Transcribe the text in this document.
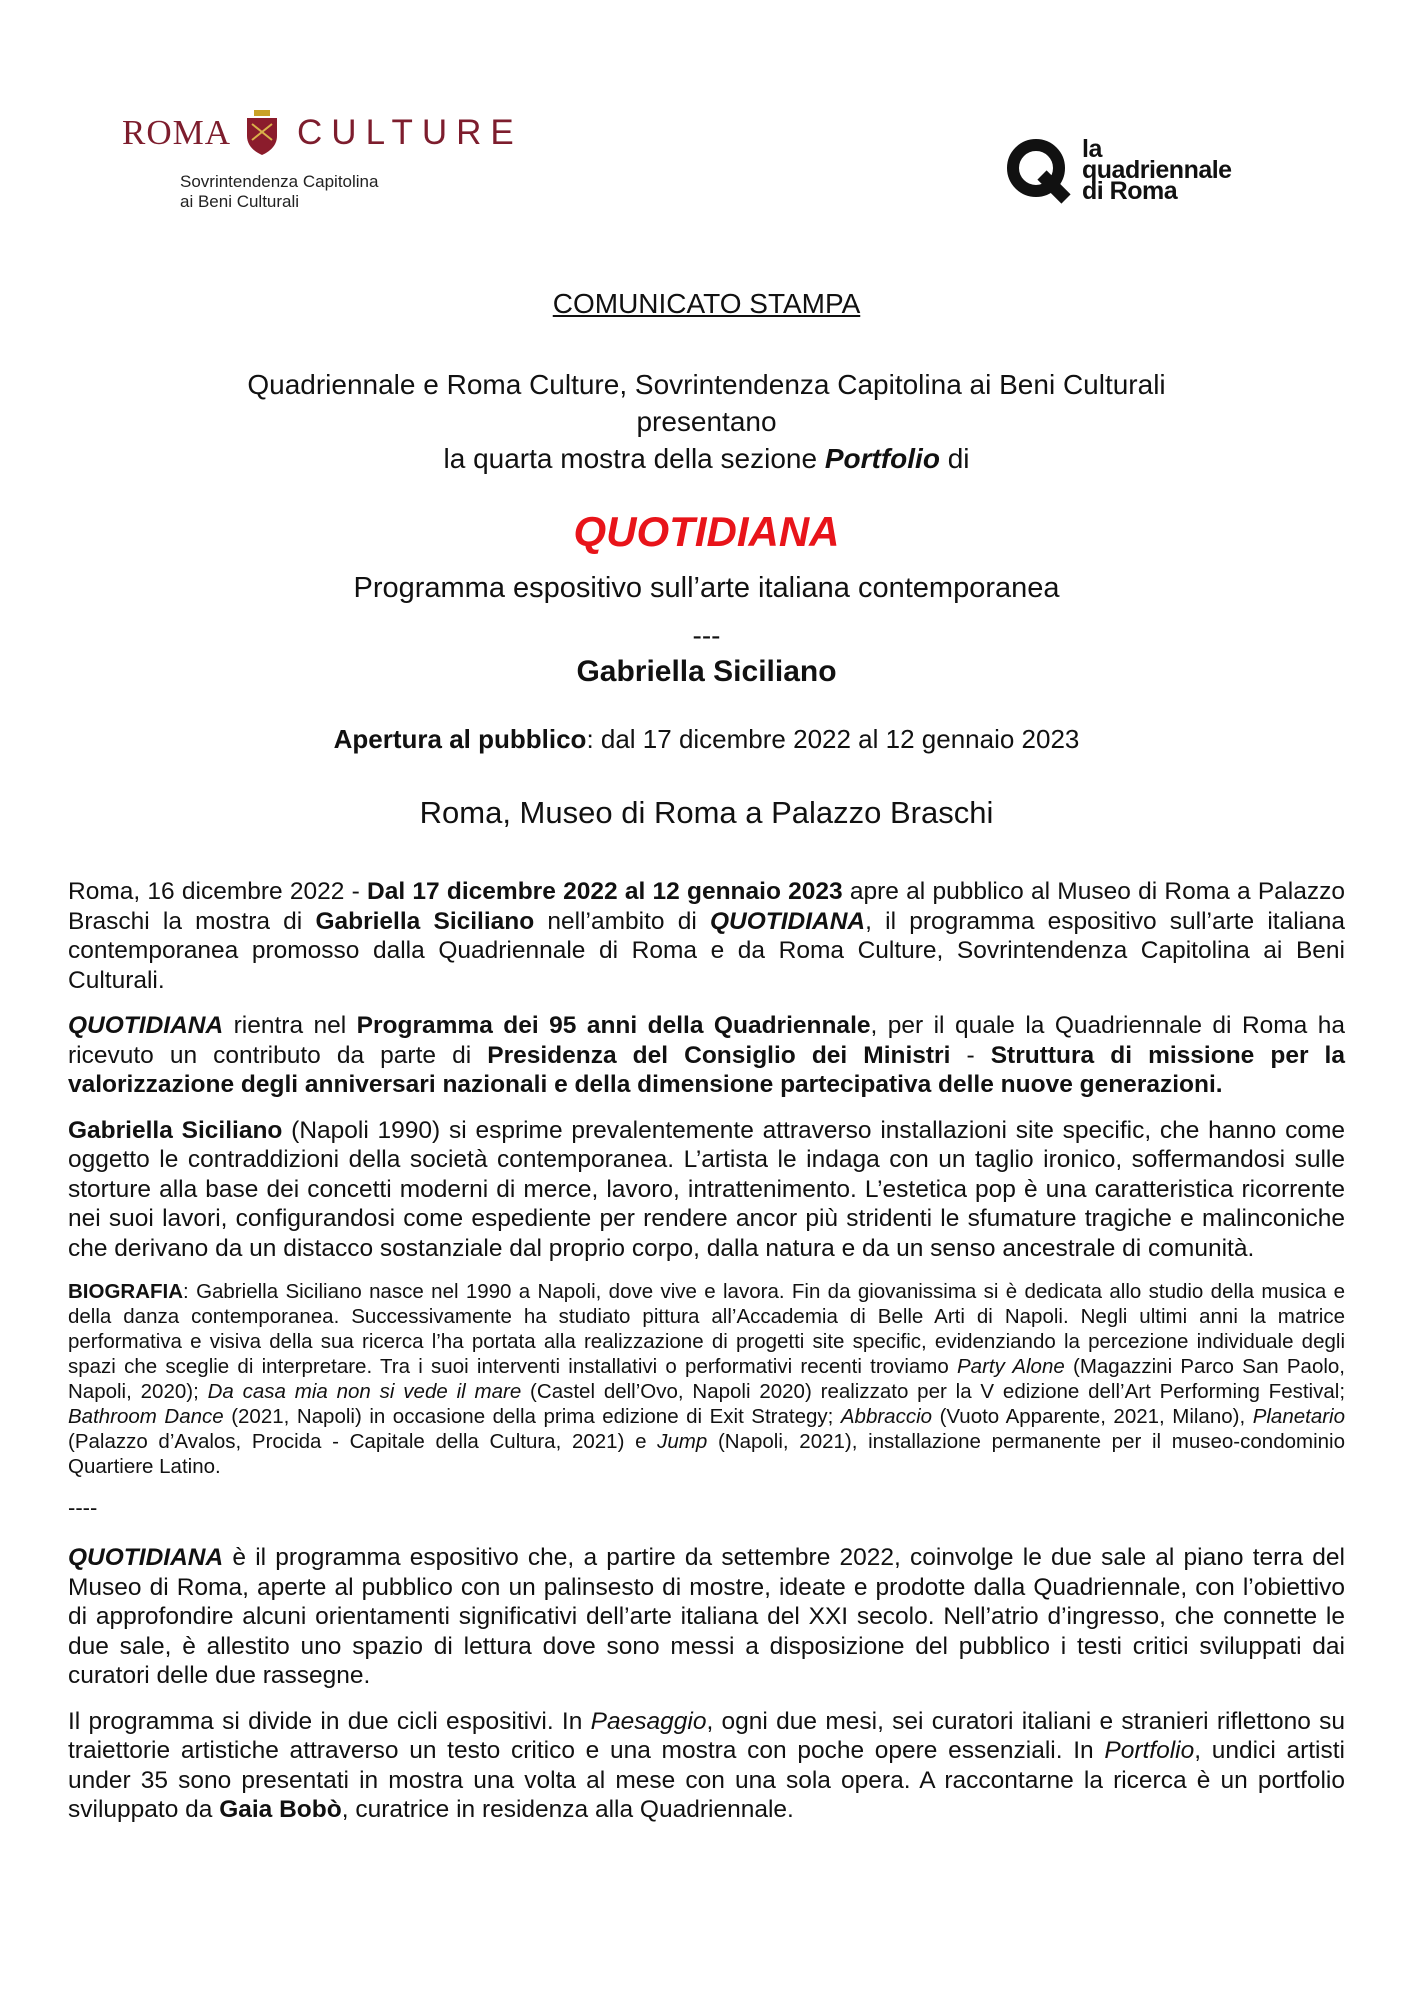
ROMA CULTURE
Sovrintendenza Capitolina
ai Beni Culturali
la
quadriennale
di Roma
COMUNICATO STAMPA
Quadriennale e Roma Culture, Sovrintendenza Capitolina ai Beni Culturali
presentano
la quarta mostra della sezione Portfolio di
QUOTIDIANA
Programma espositivo sull’arte italiana contemporanea
---
Gabriella Siciliano
Apertura al pubblico: dal 17 dicembre 2022 al 12 gennaio 2023
Roma, Museo di Roma a Palazzo Braschi

Roma, 16 dicembre 2022 - Dal 17 dicembre 2022 al 12 gennaio 2023 apre al pubblico al Museo di Roma a Palazzo Braschi la mostra di Gabriella Siciliano nell’ambito di QUOTIDIANA, il programma espositivo sull’arte italiana contemporanea promosso dalla Quadriennale di Roma e da Roma Culture, Sovrintendenza Capitolina ai Beni Culturali.

QUOTIDIANA rientra nel Programma dei 95 anni della Quadriennale, per il quale la Quadriennale di Roma ha ricevuto un contributo da parte di Presidenza del Consiglio dei Ministri - Struttura di missione per la valorizzazione degli anniversari nazionali e della dimensione partecipativa delle nuove generazioni.

Gabriella Siciliano (Napoli 1990) si esprime prevalentemente attraverso installazioni site specific, che hanno come oggetto le contraddizioni della società contemporanea. L’artista le indaga con un taglio ironico, soffermandosi sulle storture alla base dei concetti moderni di merce, lavoro, intrattenimento. L’estetica pop è una caratteristica ricorrente nei suoi lavori, configurandosi come espediente per rendere ancor più stridenti le sfumature tragiche e malinconiche che derivano da un distacco sostanziale dal proprio corpo, dalla natura e da un senso ancestrale di comunità.

BIOGRAFIA: Gabriella Siciliano nasce nel 1990 a Napoli, dove vive e lavora. Fin da giovanissima si è dedicata allo studio della musica e della danza contemporanea. Successivamente ha studiato pittura all’Accademia di Belle Arti di Napoli. Negli ultimi anni la matrice performativa e visiva della sua ricerca l’ha portata alla realizzazione di progetti site specific, evidenziando la percezione individuale degli spazi che sceglie di interpretare. Tra i suoi interventi installativi o performativi recenti troviamo Party Alone (Magazzini Parco San Paolo, Napoli, 2020); Da casa mia non si vede il mare (Castel dell’Ovo, Napoli 2020) realizzato per la V edizione dell’Art Performing Festival; Bathroom Dance (2021, Napoli) in occasione della prima edizione di Exit Strategy; Abbraccio (Vuoto Apparente, 2021, Milano), Planetario (Palazzo d’Avalos, Procida - Capitale della Cultura, 2021) e Jump (Napoli, 2021), installazione permanente per il museo-condominio Quartiere Latino.

----

QUOTIDIANA è il programma espositivo che, a partire da settembre 2022, coinvolge le due sale al piano terra del Museo di Roma, aperte al pubblico con un palinsesto di mostre, ideate e prodotte dalla Quadriennale, con l’obiettivo di approfondire alcuni orientamenti significativi dell’arte italiana del XXI secolo. Nell’atrio d’ingresso, che connette le due sale, è allestito uno spazio di lettura dove sono messi a disposizione del pubblico i testi critici sviluppati dai curatori delle due rassegne.

Il programma si divide in due cicli espositivi. In Paesaggio, ogni due mesi, sei curatori italiani e stranieri riflettono su traiettorie artistiche attraverso un testo critico e una mostra con poche opere essenziali. In Portfolio, undici artisti under 35 sono presentati in mostra una volta al mese con una sola opera. A raccontarne la ricerca è un portfolio sviluppato da Gaia Bobò, curatrice in residenza alla Quadriennale.
